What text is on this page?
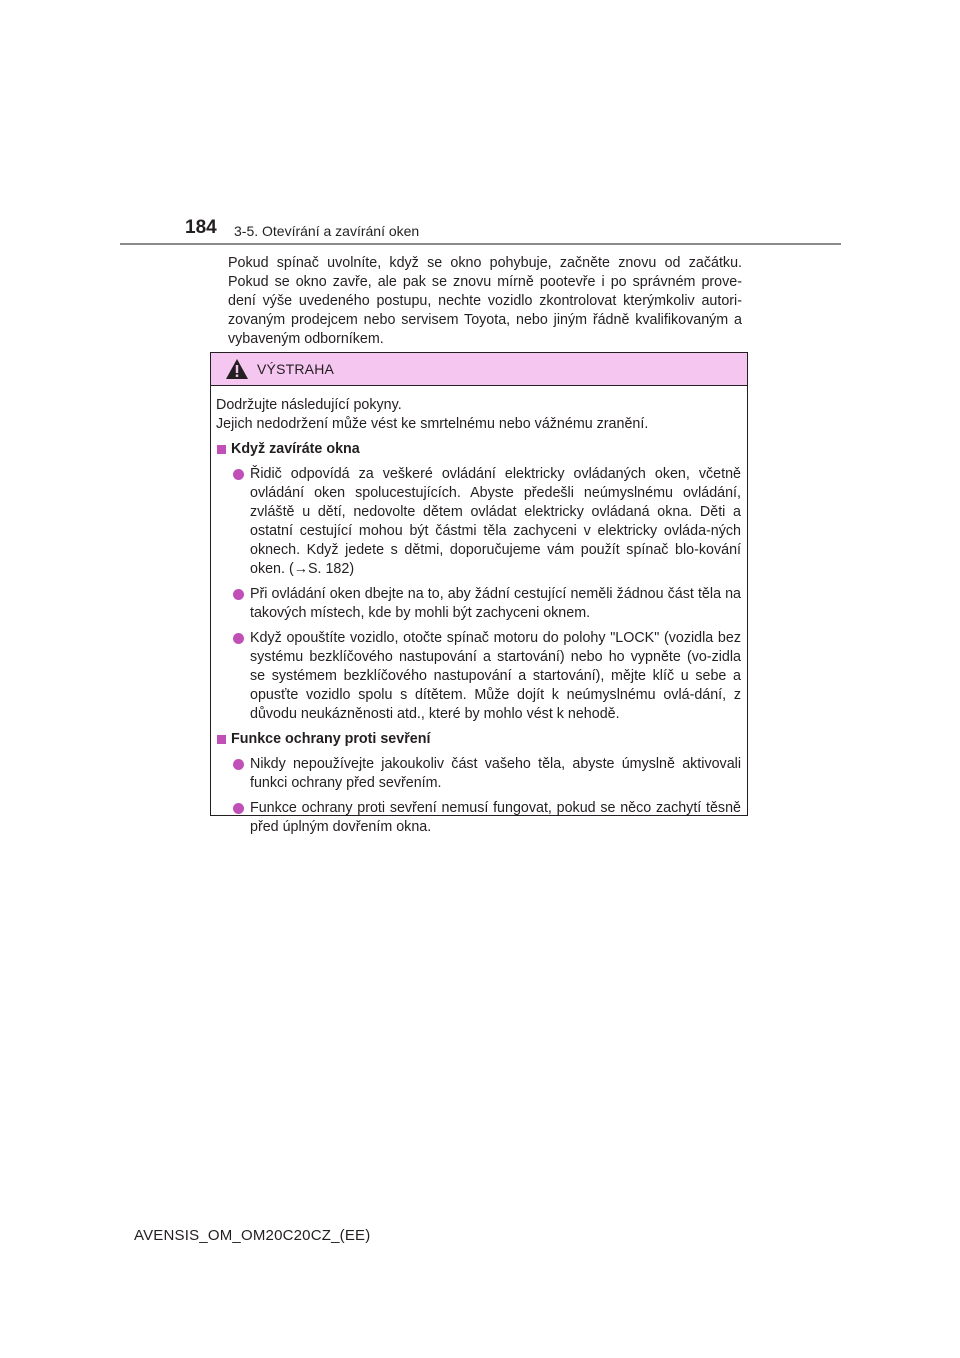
184 3-5. Otevírání a zavírání oken
Pokud spínač uvolníte, když se okno pohybuje, začněte znovu od začátku. Pokud se okno zavře, ale pak se znovu mírně pootevře i po správném prove-dení výše uvedeného postupu, nechte vozidlo zkontrolovat kterýmkoliv autori-zovaným prodejcem nebo servisem Toyota, nebo jiným řádně kvalifikovaným a vybaveným odborníkem.
VÝSTRAHA

Dodržujte následující pokyny.

Jejich nedodržení může vést ke smrtelnému nebo vážnému zranění.

Když zavíráte okna
Řidič odpovídá za veškeré ovládání elektricky ovládaných oken, včetně ovládání oken spolucestujících. Abyste předešli neúmyslnému ovládání, zvláště u dětí, nedovolte dětem ovládat elektricky ovládaná okna. Děti a ostatní cestující mohou být částmi těla zachyceni v elektricky ovláda-ných oknech. Když jedete s dětmi, doporučujeme vám použít spínač blo-kování oken. (→S. 182)
Při ovládání oken dbejte na to, aby žádní cestující neměli žádnou část těla na takových místech, kde by mohli být zachyceni oknem.
Když opouštíte vozidlo, otočte spínač motoru do polohy "LOCK" (vozidla bez systému bezklíčového nastupování a startování) nebo ho vypněte (vo-zidla se systémem bezklíčového nastupování a startování), mějte klíč u sebe a opusťte vozidlo spolu s dítětem. Může dojít k neúmyslnému ovlá-dání, z důvodu neukázněnosti atd., které by mohlo vést k nehodě.
Funkce ochrany proti sevření
Nikdy nepoužívejte jakoukoliv část vašeho těla, abyste úmyslně aktivovali funkci ochrany před sevřením.
Funkce ochrany proti sevření nemusí fungovat, pokud se něco zachytí těsně před úplným dovřením okna.
AVENSIS_OM_OM20C20CZ_(EE)
